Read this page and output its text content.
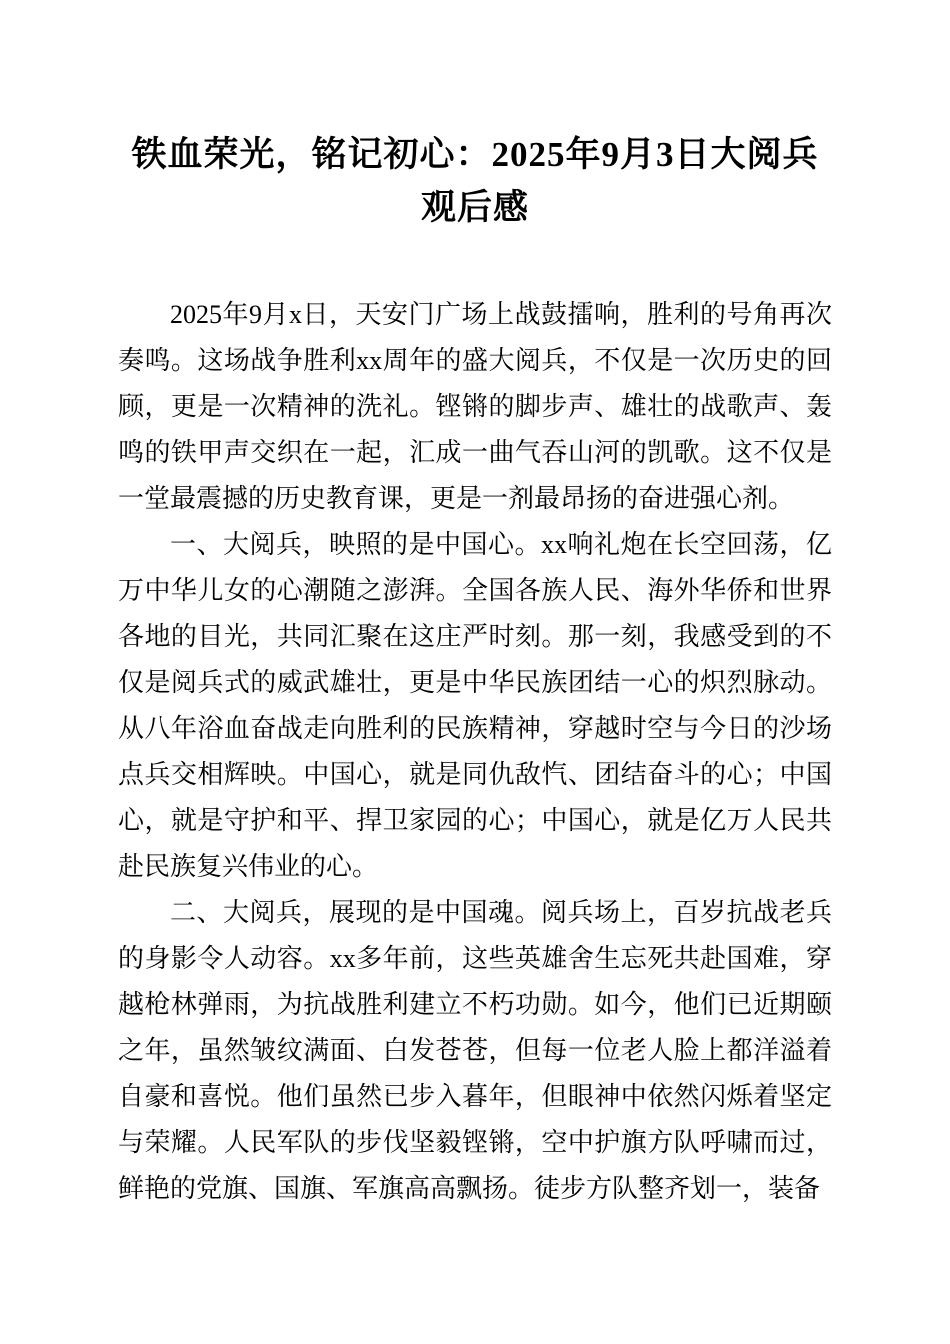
铁血荣光，铭记初心：2025年9月3日大阅兵观后感

2025年9月x日，天安门广场上战鼓擂响，胜利的号角再次奏鸣。这场战争胜利xx周年的盛大阅兵，不仅是一次历史的回顾，更是一次精神的洗礼。铿锵的脚步声、雄壮的战歌声、轰鸣的铁甲声交织在一起，汇成一曲气吞山河的凯歌。这不仅是一堂最震撼的历史教育课，更是一剂最昂扬的奋进强心剂。

一、大阅兵，映照的是中国心。xx响礼炮在长空回荡，亿万中华儿女的心潮随之澎湃。全国各族人民、海外华侨和世界各地的目光，共同汇聚在这庄严时刻。那一刻，我感受到的不仅是阅兵式的威武雄壮，更是中华民族团结一心的炽烈脉动。从八年浴血奋战走向胜利的民族精神，穿越时空与今日的沙场点兵交相辉映。中国心，就是同仇敌忾、团结奋斗的心；中国心，就是守护和平、捍卫家园的心；中国心，就是亿万人民共赴民族复兴伟业的心。

二、大阅兵，展现的是中国魂。阅兵场上，百岁抗战老兵的身影令人动容。xx多年前，这些英雄舍生忘死共赴国难，穿越枪林弹雨，为抗战胜利建立不朽功勋。如今，他们已近期颐之年，虽然皱纹满面、白发苍苍，但每一位老人脸上都洋溢着自豪和喜悦。他们虽然已步入暮年，但眼神中依然闪烁着坚定与荣耀。人民军队的步伐坚毅铿锵，空中护旗方队呼啸而过，鲜艳的党旗、国旗、军旗高高飘扬。徒步方队整齐划一，装备
